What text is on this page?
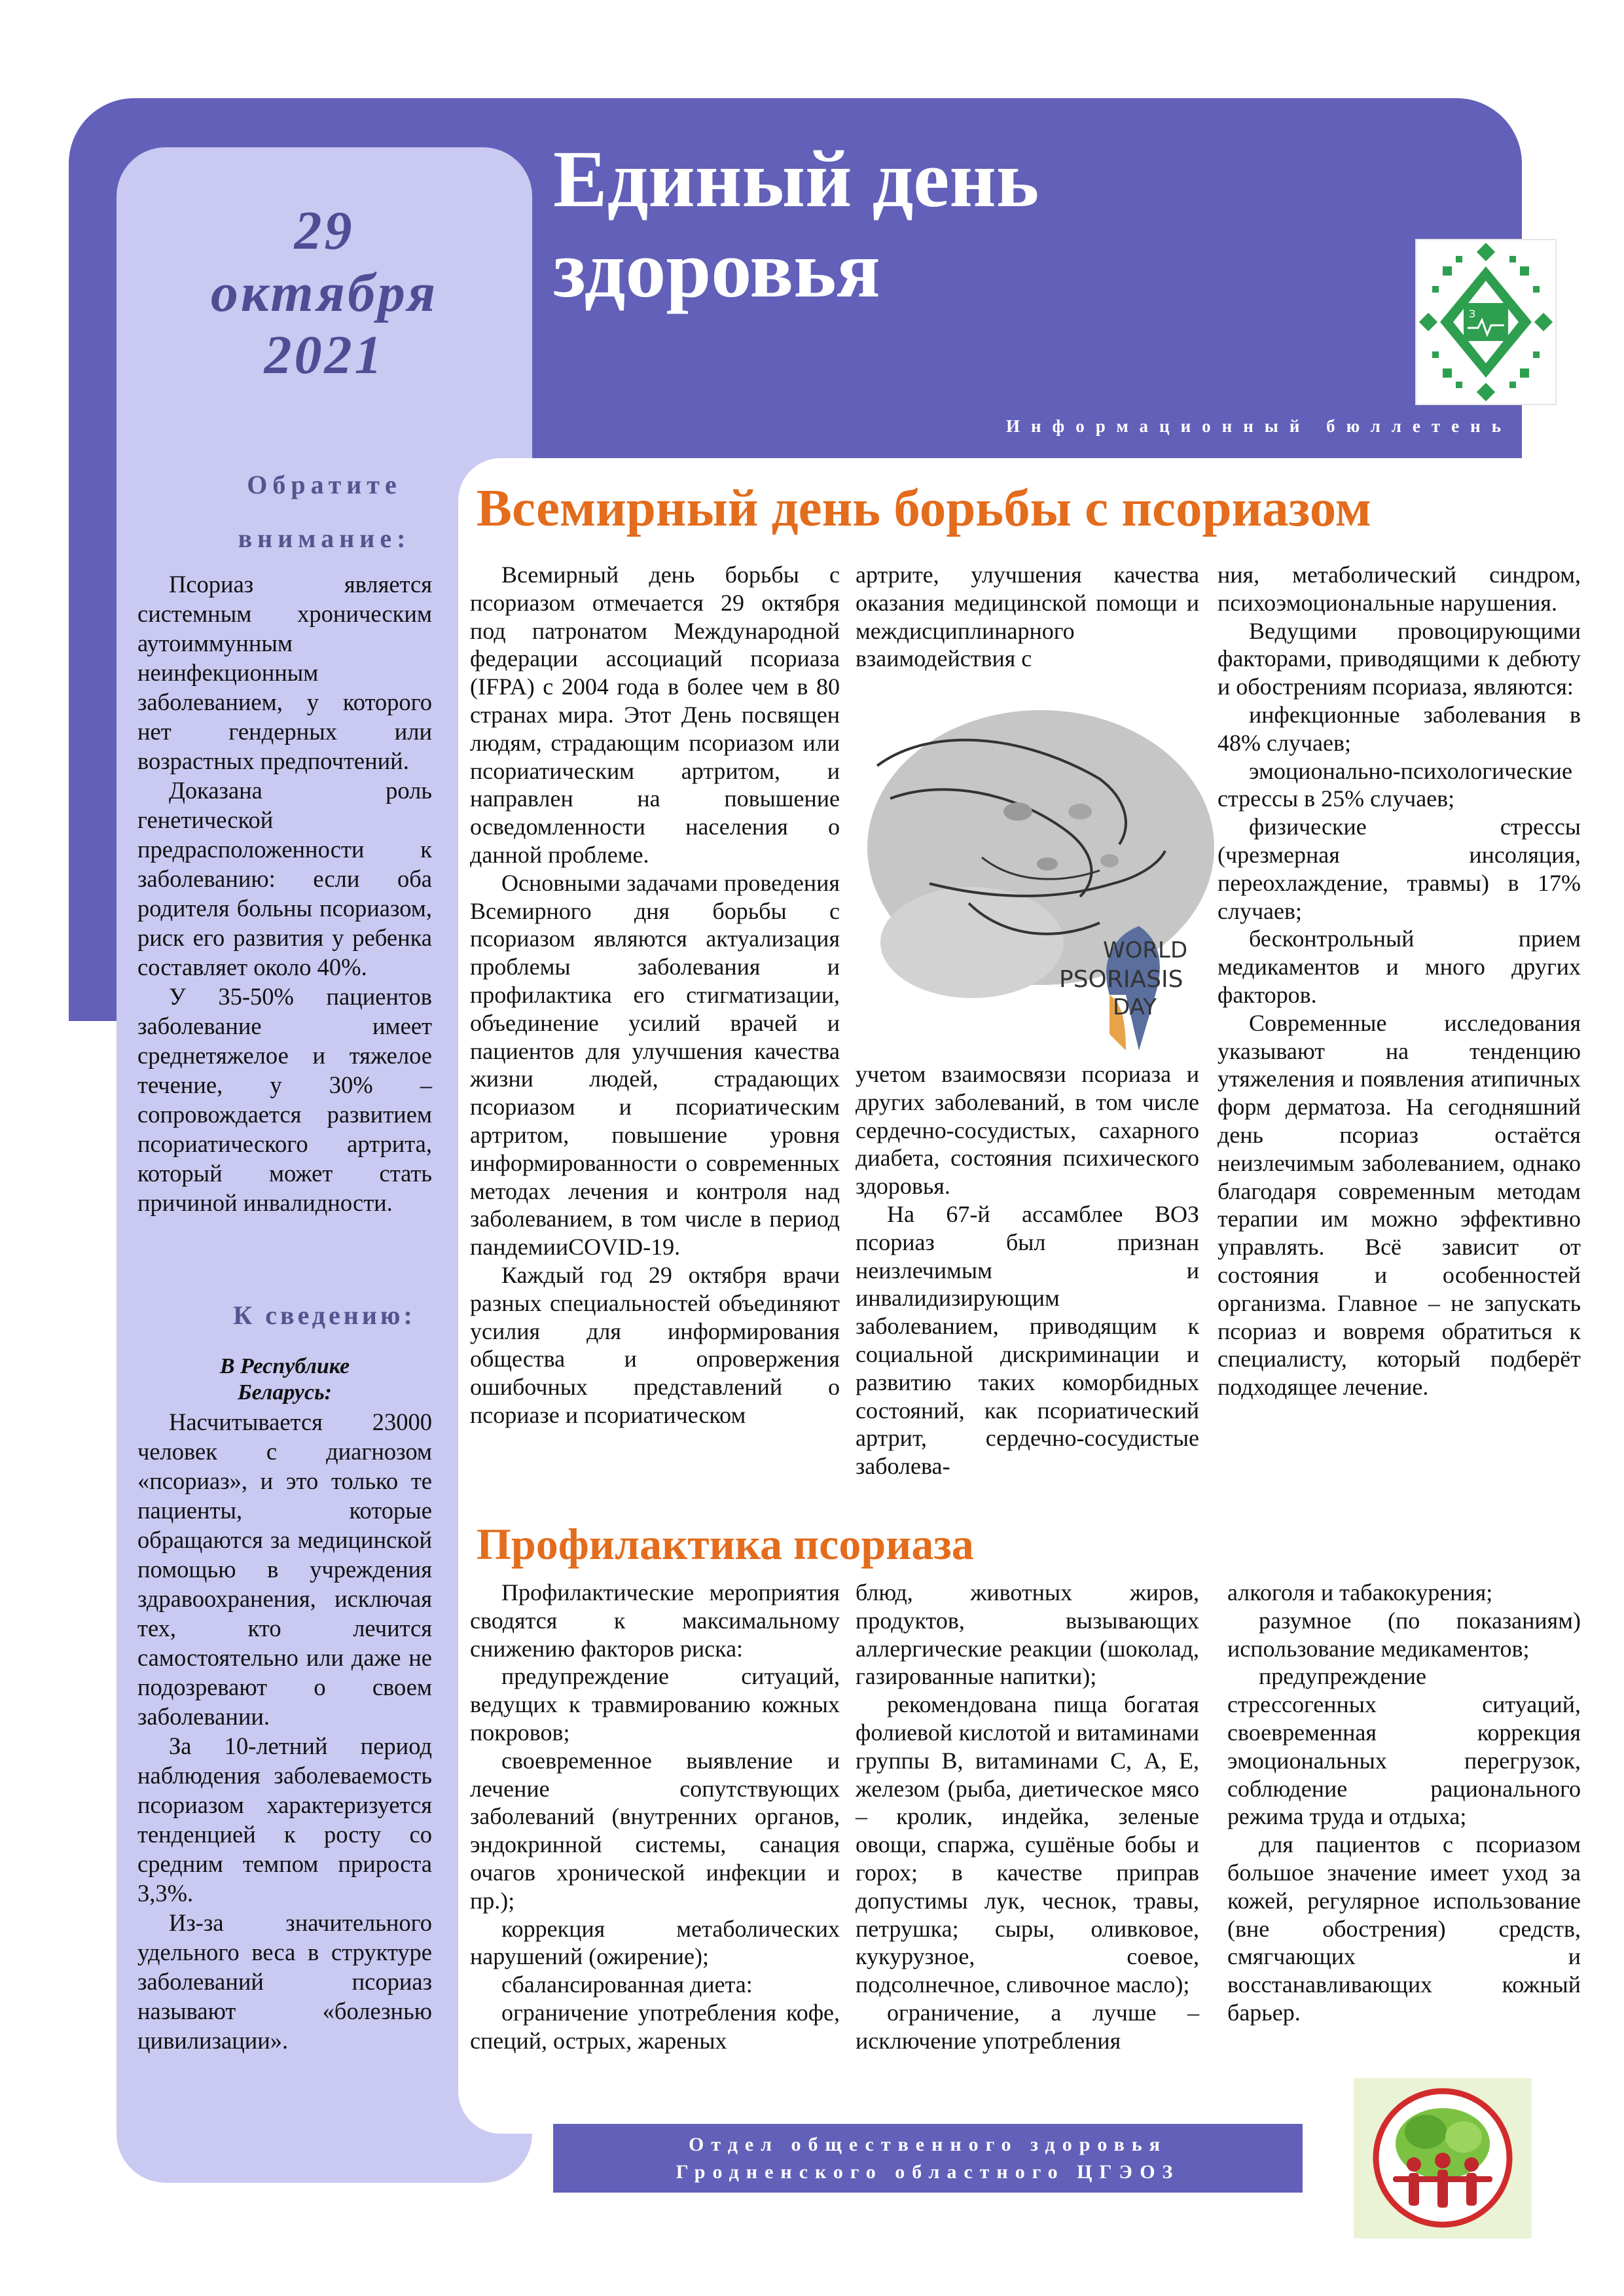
29
октября
2021
Единый день
здоровья	З
Информационный бюллетень
Всемирный день борьбы с псориазом

Всемирный день борьбы с псориазом отмечается 29 октября под патронатом Международной федерации ассоциаций псориаза (IFPA) с 2004 года в более чем в 80 странах мира. Этот День посвящен людям, страдающим псориазом или псориатическим артритом, и направлен на повышение осведомленности населения о данной проблеме.

Основными задачами проведения Всемирного дня борьбы с псориазом являются актуализация проблемы заболевания и профилактика его стигматизации, объединение усилий врачей и пациентов для улучшения качества жизни людей, страдающих псориазом и псориатическим артритом, повышение уровня информированности о современных методах лечения и контроля над заболеванием, в том числе в период пандемииCOVID-19.

Каждый год 29 октября врачи разных специальностей объединяют усилия для информирования общества и опровержения ошибочных представлений о псориазе и псориатическом

артрите, улучшения качества оказания медицинской помощи и междисциплинарного взаимодействия с

WORLD
PSORIASIS
DAY

учетом взаимосвязи псориаза и других заболеваний, в том числе сердечно-сосудистых, сахарного диабета, состояния психического здоровья.

На 67-й ассамблее ВОЗ псориаз был признан неизлечимым и инвалидизирующим заболеванием, приводящим к социальной дискриминации и развитию таких коморбидных состояний, как псориатический артрит, сердечно-сосудистые заболева-

ния, метаболический синдром, психоэмоциональные нарушения.

Ведущими провоцирующими факторами, приводящими к дебюту и обострениям псориаза, являются:

инфекционные заболевания в 48% случаев;

эмоционально-психологические стрессы в 25% случаев;

физические стрессы (чрезмерная инсоляция, переохлаждение, травмы) в 17% случаев;

бесконтрольный прием медикаментов и много других факторов.

Современные исследования указывают на тенденцию утяжеления и появления атипичных форм дерматоза. На сегодняшний день псориаз остаётся неизлечимым заболеванием, однако благодаря современным методам терапии им можно эффективно управлять. Всё зависит от состояния и особенностей организма. Главное – не запускать псориаз и вовремя обратиться к специалисту, который подберёт подходящее лечение.

Профилактика псориаза

Профилактические мероприятия сводятся к максимальному снижению факторов риска:

предупреждение ситуаций, ведущих к травмированию кожных покровов;

своевременное выявление и лечение сопутствующих заболеваний (внутренних органов, эндокринной системы, санация очагов хронической инфекции и пр.);

коррекция метаболических нарушений (ожирение);

сбалансированная диета:

ограничение употребления кофе, специй, острых, жареных

блюд, животных жиров, продуктов, вызывающих аллергические реакции (шоколад, газированные напитки);

рекомендована пища богатая фолиевой кислотой и витаминами группы В, витаминами С, А, Е, железом (рыба, диетическое мясо – кролик, индейка, зеленые овощи, спаржа, сушёные бобы и горох; в качестве приправ допустимы лук, чеснок, травы, петрушка; сыры, оливковое, кукурузное, соевое, подсолнечное, сливочное масло);

ограничение, а лучше – исключение употребления

алкоголя и табакокурения;

разумное (по показаниям) использование медикаментов;

предупреждение стрессогенных ситуаций, своевременная коррекция эмоциональных перегрузок, соблюдение рационального режима труда и отдыха;

для пациентов с псориазом большое значение имеет уход за кожей, регулярное использование (вне обострения) средств, смягчающих и восстанавливающих кожный барьер.

Обратите
внимание:

Псориаз является системным хроническим аутоиммунным неинфекционным заболеванием, у которого нет гендерных или возрастных предпочтений.

Доказана роль генетической предрасположенности к заболеванию: если оба родителя больны псориазом, риск его развития у ребенка составляет около 40%.

У 35-50% пациентов заболевание имеет среднетяжелое и тяжелое течение, у 30% – сопровождается развитием псориатического артрита, который может стать причиной инвалидности.

К сведению:
В Республике
Беларусь:

Насчитывается 23000 человек с диагнозом «псориаз», и это только те пациенты, которые обращаются за медицинской помощью в учреждения здравоохранения, исключая тех, кто лечится самостоятельно или даже не подозревают о своем заболевании.

За 10-летний период наблюдения заболеваемость псориазом характеризуется тенденцией к росту со средним темпом прироста 3,3%.

Из-за значительного удельного веса в структуре заболеваний псориаз называют «болезнью цивилизации».

Отдел общественного здоровья
Гродненского областного ЦГЭОЗ
